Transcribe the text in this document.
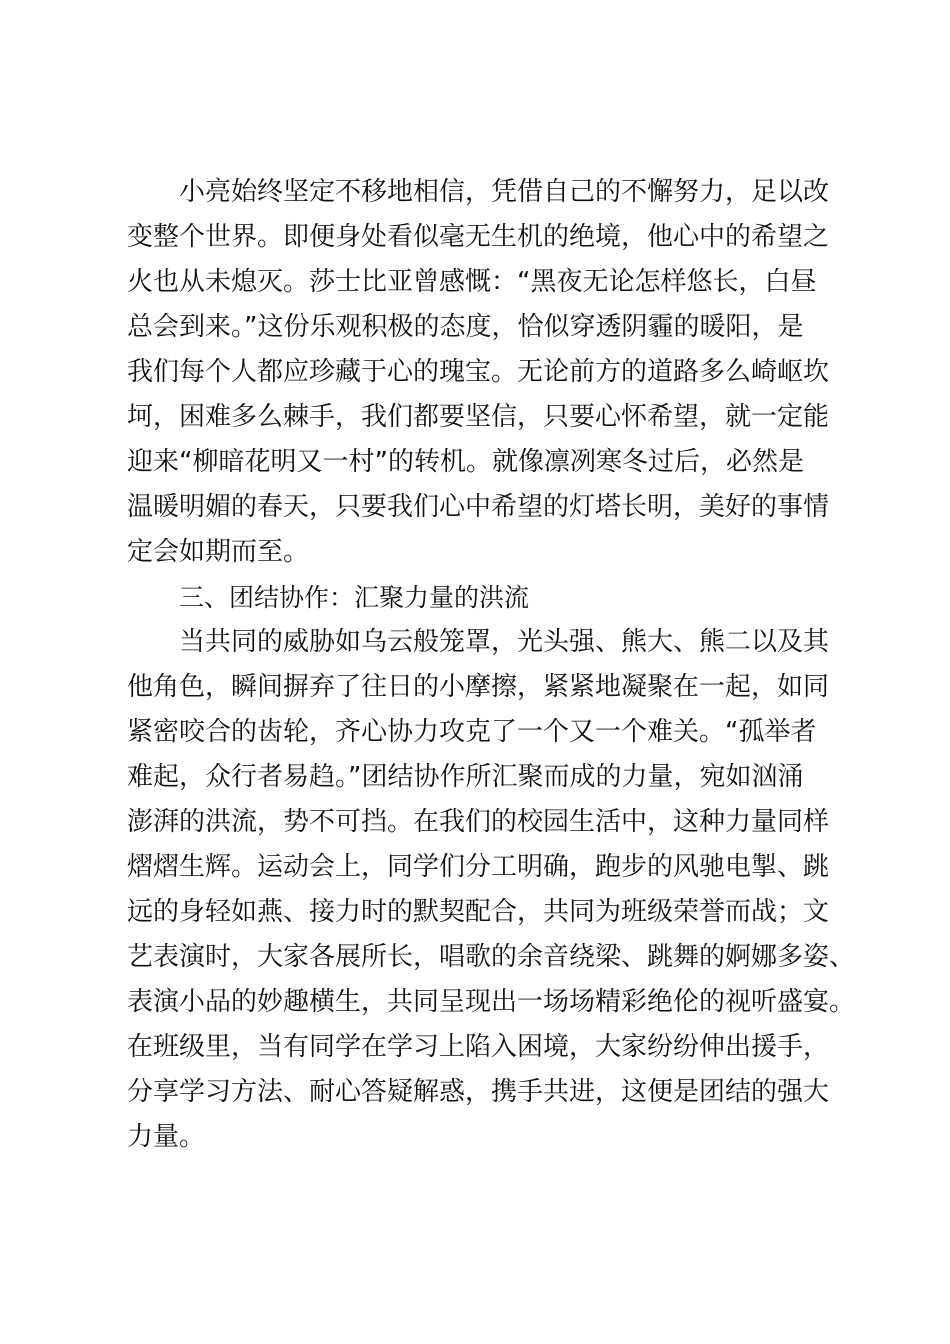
小亮始终坚定不移地相信，凭借自己的不懈努力，足以改
变整个世界。即便身处看似毫无生机的绝境，他心中的希望之
火也从未熄灭。莎士比亚曾感慨：“黑夜无论怎样悠长，白昼
总会到来。”这份乐观积极的态度，恰似穿透阴霾的暖阳，是
我们每个人都应珍藏于心的瑰宝。无论前方的道路多么崎岖坎
坷，困难多么棘手，我们都要坚信，只要心怀希望，就一定能
迎来“柳暗花明又一村”的转机。就像凛冽寒冬过后，必然是
温暖明媚的春天，只要我们心中希望的灯塔长明，美好的事情
定会如期而至。

三、团结协作：汇聚力量的洪流

当共同的威胁如乌云般笼罩，光头强、熊大、熊二以及其
他角色，瞬间摒弃了往日的小摩擦，紧紧地凝聚在一起，如同
紧密咬合的齿轮，齐心协力攻克了一个又一个难关。“孤举者
难起，众行者易趋。”团结协作所汇聚而成的力量，宛如汹涌
澎湃的洪流，势不可挡。在我们的校园生活中，这种力量同样
熠熠生辉。运动会上，同学们分工明确，跑步的风驰电掣、跳
远的身轻如燕、接力时的默契配合，共同为班级荣誉而战；文
艺表演时，大家各展所长，唱歌的余音绕梁、跳舞的婀娜多姿、
表演小品的妙趣横生，共同呈现出一场场精彩绝伦的视听盛宴。
在班级里，当有同学在学习上陷入困境，大家纷纷伸出援手，
分享学习方法、耐心答疑解惑，携手共进，这便是团结的强大
力量。
